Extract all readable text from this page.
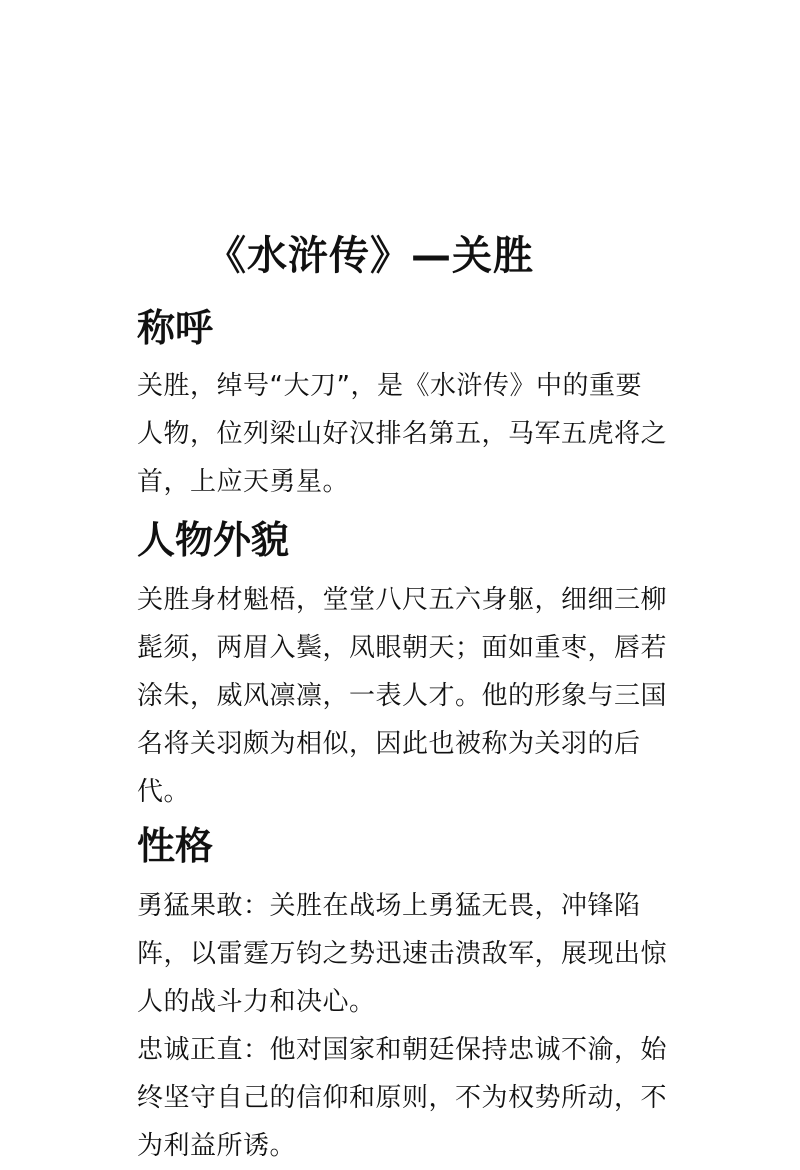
《水浒传》—关胜
称呼

关胜，绰号“大刀”，是《水浒传》中的重要人物，位列梁山好汉排名第五，马军五虎将之首，上应天勇星。

人物外貌

关胜身材魁梧，堂堂八尺五六身躯，细细三柳髭须，两眉入鬓，凤眼朝天；面如重枣，唇若涂朱，威风凛凛，一表人才。他的形象与三国名将关羽颇为相似，因此也被称为关羽的后代。

性格

勇猛果敢：关胜在战场上勇猛无畏，冲锋陷阵，以雷霆万钧之势迅速击溃敌军，展现出惊人的战斗力和决心。

忠诚正直：他对国家和朝廷保持忠诚不渝，始终坚守自己的信仰和原则，不为权势所动，不为利益所诱。
